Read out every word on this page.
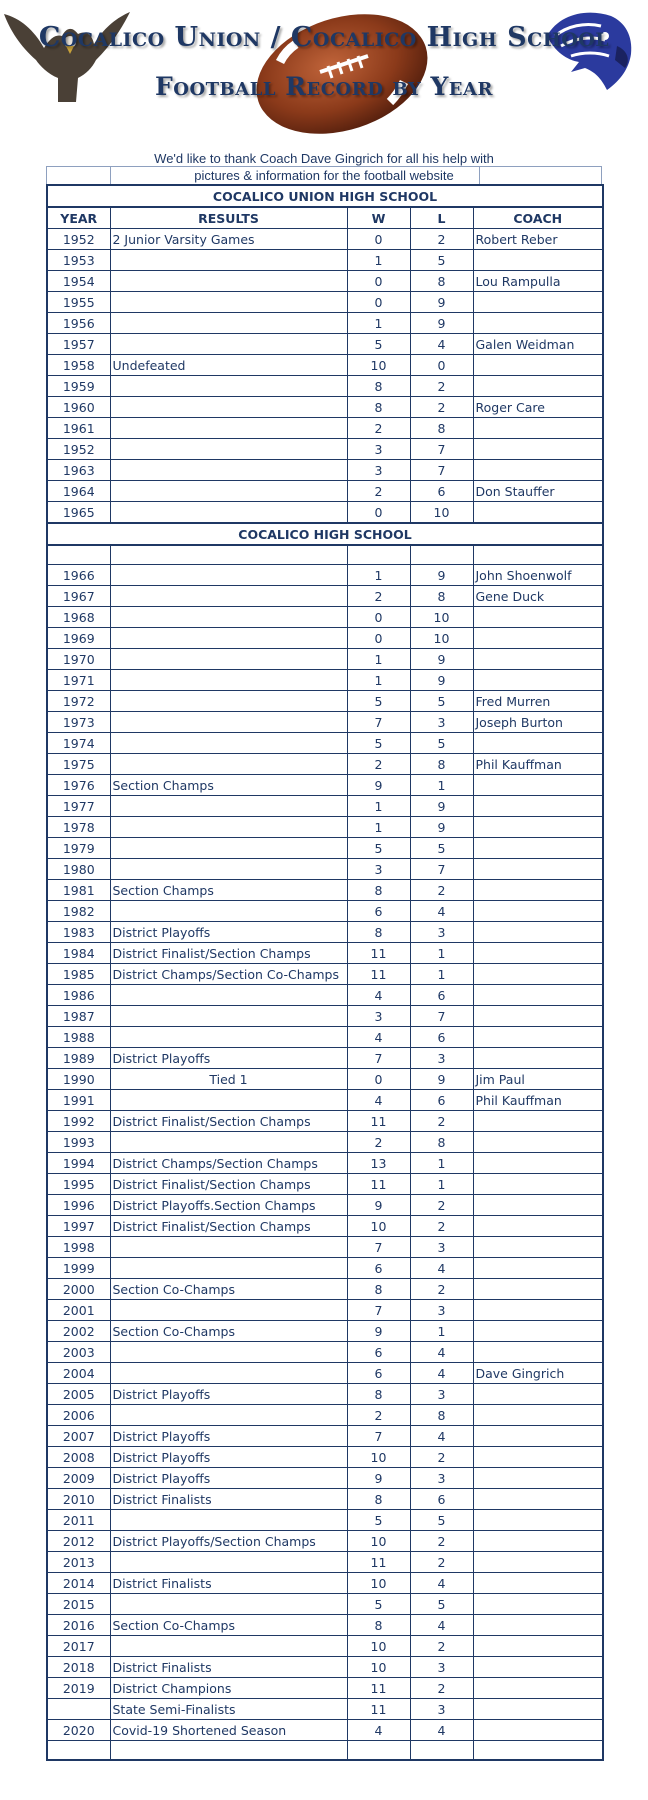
Cocalico Union / Cocalico High School
Football Record by Year
We'd like to thank Coach Dave Gingrich for all his help with
pictures & information for the football website
COCALICO UNION HIGH SCHOOL				
YEAR	RESULTS	W	L	COACH
1952	2 Junior Varsity Games	0	2	Robert Reber
1953		1	5	
1954		0	8	Lou Rampulla
1955		0	9	
1956		1	9	
1957		5	4	Galen Weidman
1958	Undefeated	10	0	
1959		8	2	
1960		8	2	Roger Care
1961		2	8	
1952		3	7	
1963		3	7	
1964		2	6	Don Stauffer
1965		0	10	
COCALICO HIGH SCHOOL				

1966		1	9	John Shoenwolf
1967		2	8	Gene Duck
1968		0	10	
1969		0	10	
1970		1	9	
1971		1	9	
1972		5	5	Fred Murren
1973		7	3	Joseph Burton
1974		5	5	
1975		2	8	Phil Kauffman
1976	Section Champs	9	1	
1977		1	9	
1978		1	9	
1979		5	5	
1980		3	7	
1981	Section Champs	8	2	
1982		6	4	
1983	District Playoffs	8	3	
1984	District Finalist/Section Champs	11	1	
1985	District Champs/Section Co-Champs	11	1	
1986		4	6	
1987		3	7	
1988		4	6	
1989	District Playoffs	7	3	
1990	Tied 1	0	9	Jim Paul
1991		4	6	Phil Kauffman
1992	District Finalist/Section Champs	11	2	
1993		2	8	
1994	District Champs/Section Champs	13	1	
1995	District Finalist/Section Champs	11	1	
1996	District Playoffs.Section Champs	9	2	
1997	District Finalist/Section Champs	10	2	
1998		7	3	
1999		6	4	
2000	Section Co-Champs	8	2	
2001		7	3	
2002	Section Co-Champs	9	1	
2003		6	4	
2004		6	4	Dave Gingrich
2005	District Playoffs	8	3	
2006		2	8	
2007	District Playoffs	7	4	
2008	District Playoffs	10	2	
2009	District Playoffs	9	3	
2010	District Finalists	8	6	
2011		5	5	
2012	District Playoffs/Section Champs	10	2	
2013		11	2	
2014	District Finalists	10	4	
2015		5	5	
2016	Section Co-Champs	8	4	
2017		10	2	
2018	District Finalists	10	3	
2019	District Champions	11	2	
	State Semi-Finalists	11	3	
2020	Covid-19 Shortened Season	4	4	
